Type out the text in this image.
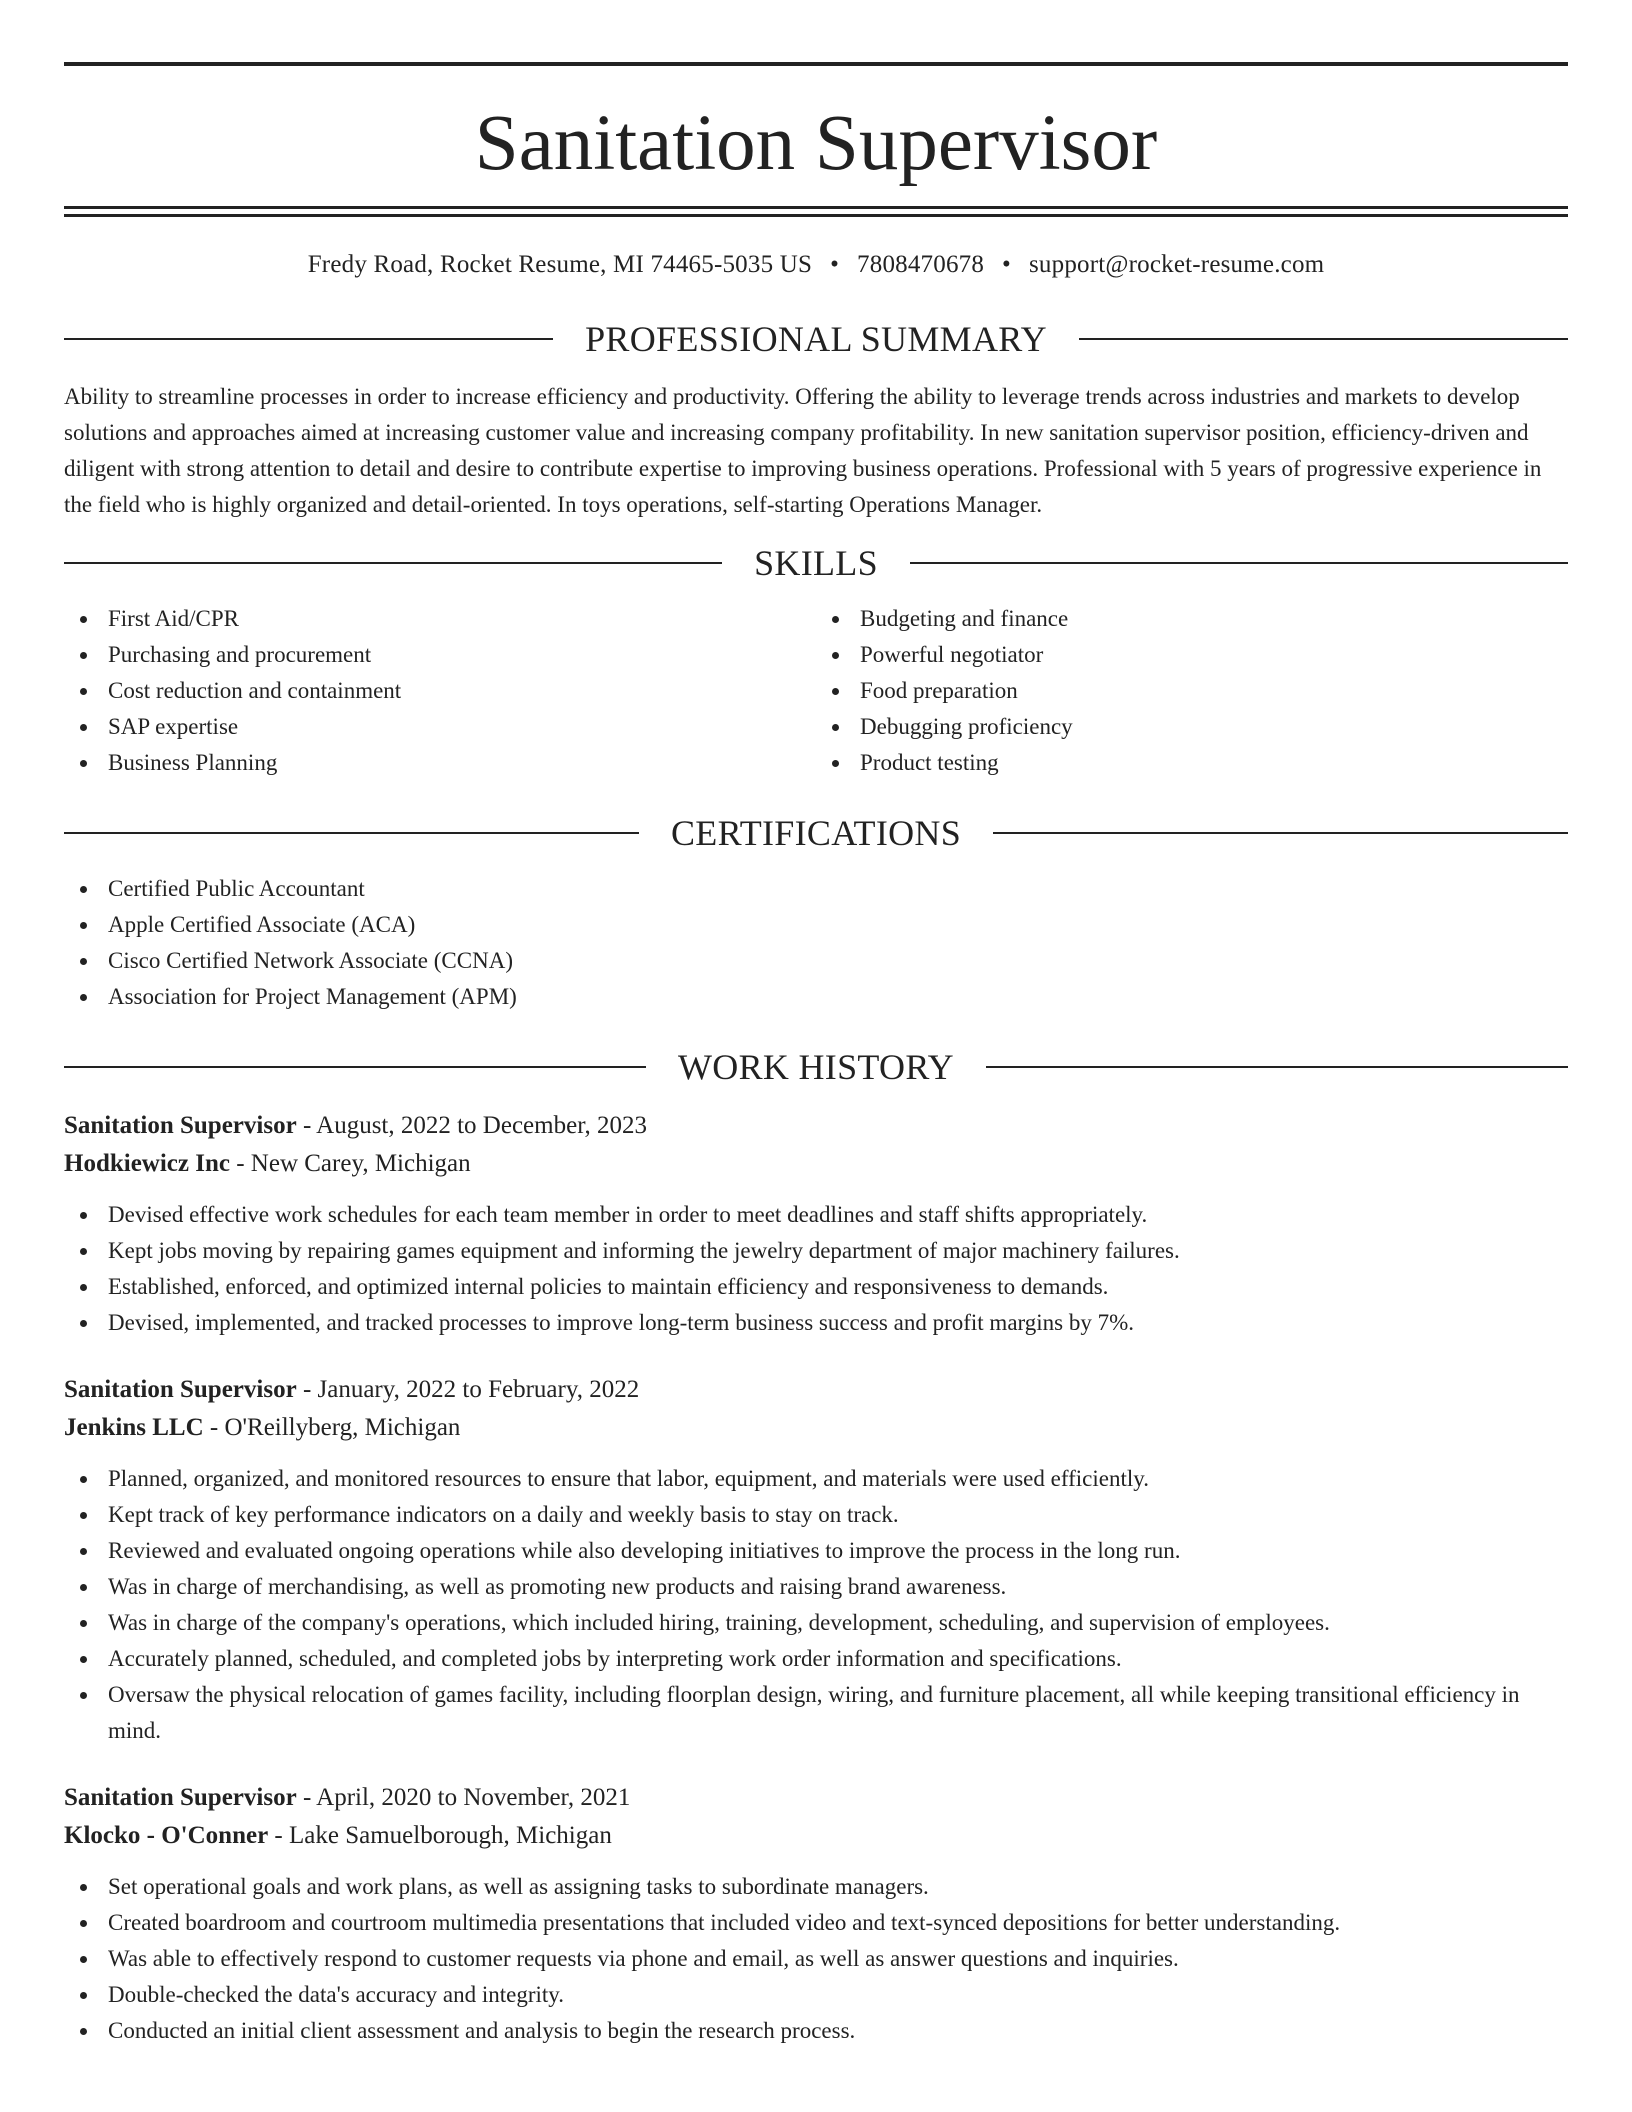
Sanitation Supervisor
Fredy Road, Rocket Resume, MI 74465-5035 US • 7808470678 • support@rocket-resume.com
PROFESSIONAL SUMMARY

Ability to streamline processes in order to increase efficiency and productivity. Offering the ability to leverage trends across industries and markets to develop solutions and approaches aimed at increasing customer value and increasing company profitability. In new sanitation supervisor position, efficiency-driven and diligent with strong attention to detail and desire to contribute expertise to improving business operations. Professional with 5 years of progressive experience in the field who is highly organized and detail-oriented. In toys operations, self-starting Operations Manager.

SKILLS
First Aid/CPR
Purchasing and procurement
Cost reduction and containment
SAP expertise
Business Planning
Budgeting and finance
Powerful negotiator
Food preparation
Debugging proficiency
Product testing
CERTIFICATIONS
Certified Public Accountant
Apple Certified Associate (ACA)
Cisco Certified Network Associate (CCNA)
Association for Project Management (APM)
WORK HISTORY
Sanitation Supervisor - August, 2022 to December, 2023
Hodkiewicz Inc - New Carey, Michigan
Devised effective work schedules for each team member in order to meet deadlines and staff shifts appropriately.
Kept jobs moving by repairing games equipment and informing the jewelry department of major machinery failures.
Established, enforced, and optimized internal policies to maintain efficiency and responsiveness to demands.
Devised, implemented, and tracked processes to improve long-term business success and profit margins by 7%.
Sanitation Supervisor - January, 2022 to February, 2022
Jenkins LLC - O'Reillyberg, Michigan
Planned, organized, and monitored resources to ensure that labor, equipment, and materials were used efficiently.
Kept track of key performance indicators on a daily and weekly basis to stay on track.
Reviewed and evaluated ongoing operations while also developing initiatives to improve the process in the long run.
Was in charge of merchandising, as well as promoting new products and raising brand awareness.
Was in charge of the company's operations, which included hiring, training, development, scheduling, and supervision of employees.
Accurately planned, scheduled, and completed jobs by interpreting work order information and specifications.
Oversaw the physical relocation of games facility, including floorplan design, wiring, and furniture placement, all while keeping transitional efficiency in mind.
Sanitation Supervisor - April, 2020 to November, 2021
Klocko - O'Conner - Lake Samuelborough, Michigan
Set operational goals and work plans, as well as assigning tasks to subordinate managers.
Created boardroom and courtroom multimedia presentations that included video and text-synced depositions for better understanding.
Was able to effectively respond to customer requests via phone and email, as well as answer questions and inquiries.
Double-checked the data's accuracy and integrity.
Conducted an initial client assessment and analysis to begin the research process.
